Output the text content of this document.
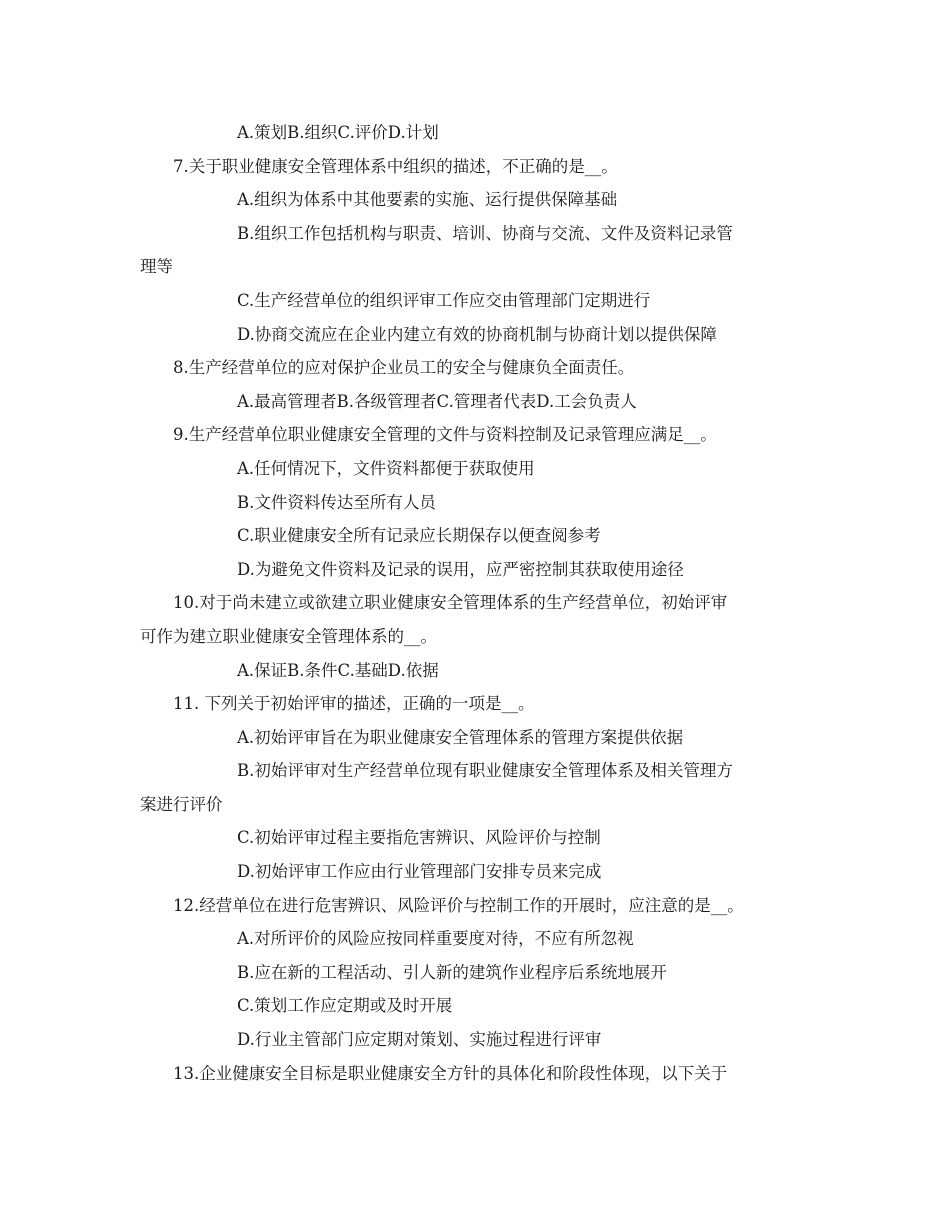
A.策划B.组织C.评价D.计划

7.关于职业健康安全管理体系中组织的描述，不正确的是__。

A.组织为体系中其他要素的实施、运行提供保障基础

B.组织工作包括机构与职责、培训、协商与交流、文件及资料记录管

理等

C.生产经营单位的组织评审工作应交由管理部门定期进行

D.协商交流应在企业内建立有效的协商机制与协商计划以提供保障

8.生产经营单位的应对保护企业员工的安全与健康负全面责任。

A.最高管理者B.各级管理者C.管理者代表D.工会负责人

9.生产经营单位职业健康安全管理的文件与资料控制及记录管理应满足__。

A.任何情况下，文件资料都便于获取使用

B.文件资料传达至所有人员

C.职业健康安全所有记录应长期保存以便查阅参考

D.为避免文件资料及记录的误用，应严密控制其获取使用途径

10.对于尚未建立或欲建立职业健康安全管理体系的生产经营单位，初始评审

可作为建立职业健康安全管理体系的__。

A.保证B.条件C.基础D.依据

11. 下列关于初始评审的描述，正确的一项是__。

A.初始评审旨在为职业健康安全管理体系的管理方案提供依据

B.初始评审对生产经营单位现有职业健康安全管理体系及相关管理方

案进行评价

C.初始评审过程主要指危害辨识、风险评价与控制

D.初始评审工作应由行业管理部门安排专员来完成

12.经营单位在进行危害辨识、风险评价与控制工作的开展时，应注意的是__。

A.对所评价的风险应按同样重要度对待，不应有所忽视

B.应在新的工程活动、引人新的建筑作业程序后系统地展开

C.策划工作应定期或及时开展

D.行业主管部门应定期对策划、实施过程进行评审

13.企业健康安全目标是职业健康安全方针的具体化和阶段性体现，以下关于
